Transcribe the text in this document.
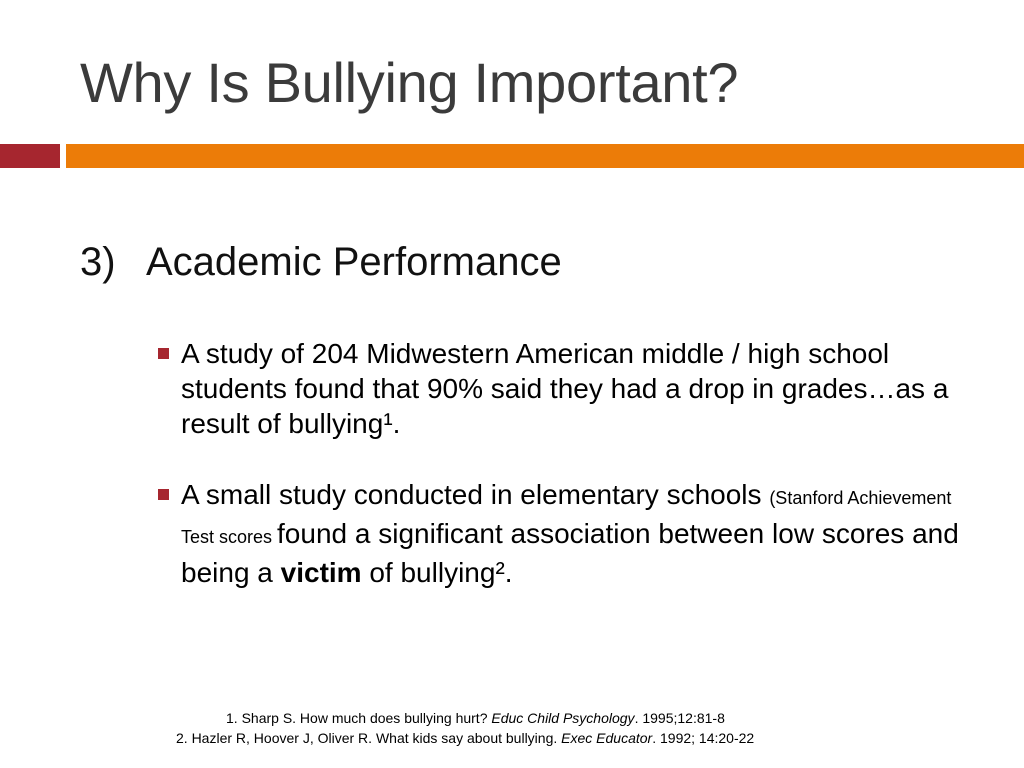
Why Is Bullying Important?
3) Academic Performance
A study of 204 Midwestern American middle / high school students found that 90% said they had a drop in grades…as a result of bullying¹.
A small study conducted in elementary schools (Stanford Achievement Test scores found a significant association between low scores and being a victim of bullying².
1. Sharp S. How much does bullying hurt? Educ Child Psychology. 1995;12:81-8
2. Hazler R, Hoover J, Oliver R. What kids say about bullying. Exec Educator. 1992; 14:20-22
